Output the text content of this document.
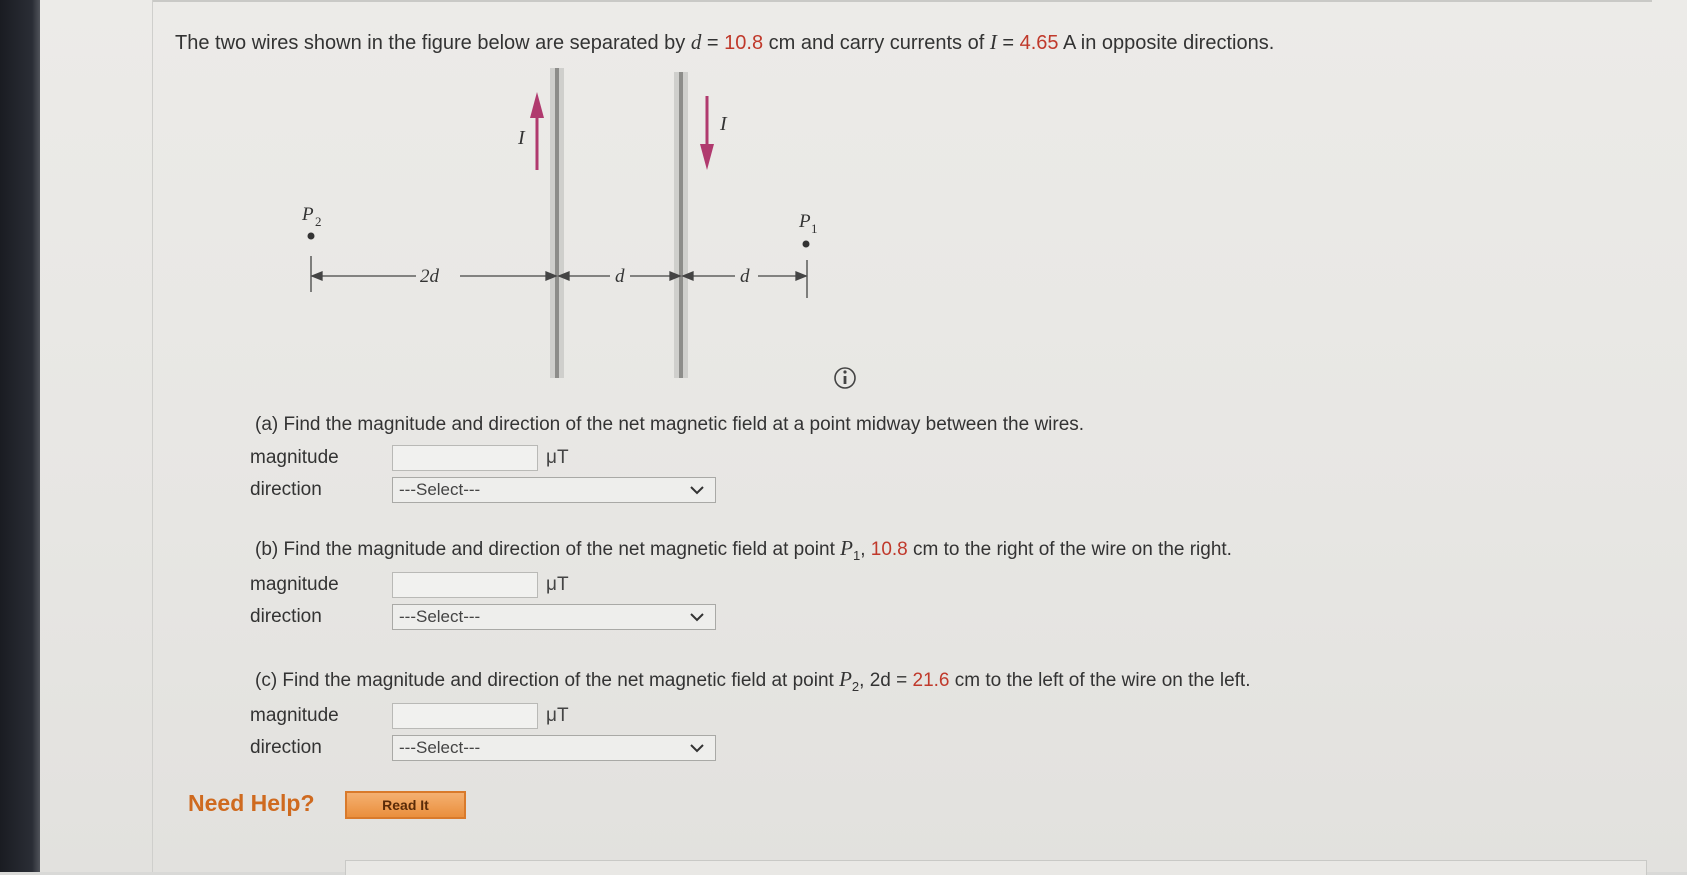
The two wires shown in the figure below are separated by d = 10.8 cm and carry currents of I = 4.65 A in opposite directions.
I
I
P 2	P 1
2d	d	d
(a) Find the magnitude and direction of the net magnetic field at a point midway between the wires.
magnitude	μT
direction	---Select---
(b) Find the magnitude and direction of the net magnetic field at point $P_1$, 10.8 cm to the right of the wire on the right.
magnitude	μT
direction	---Select---
(c) Find the magnitude and direction of the net magnetic field at point $P_2$, 2d = 21.6 cm to the left of the wire on the left.
magnitude	μT
direction	---Select---
Need Help?	Read It
